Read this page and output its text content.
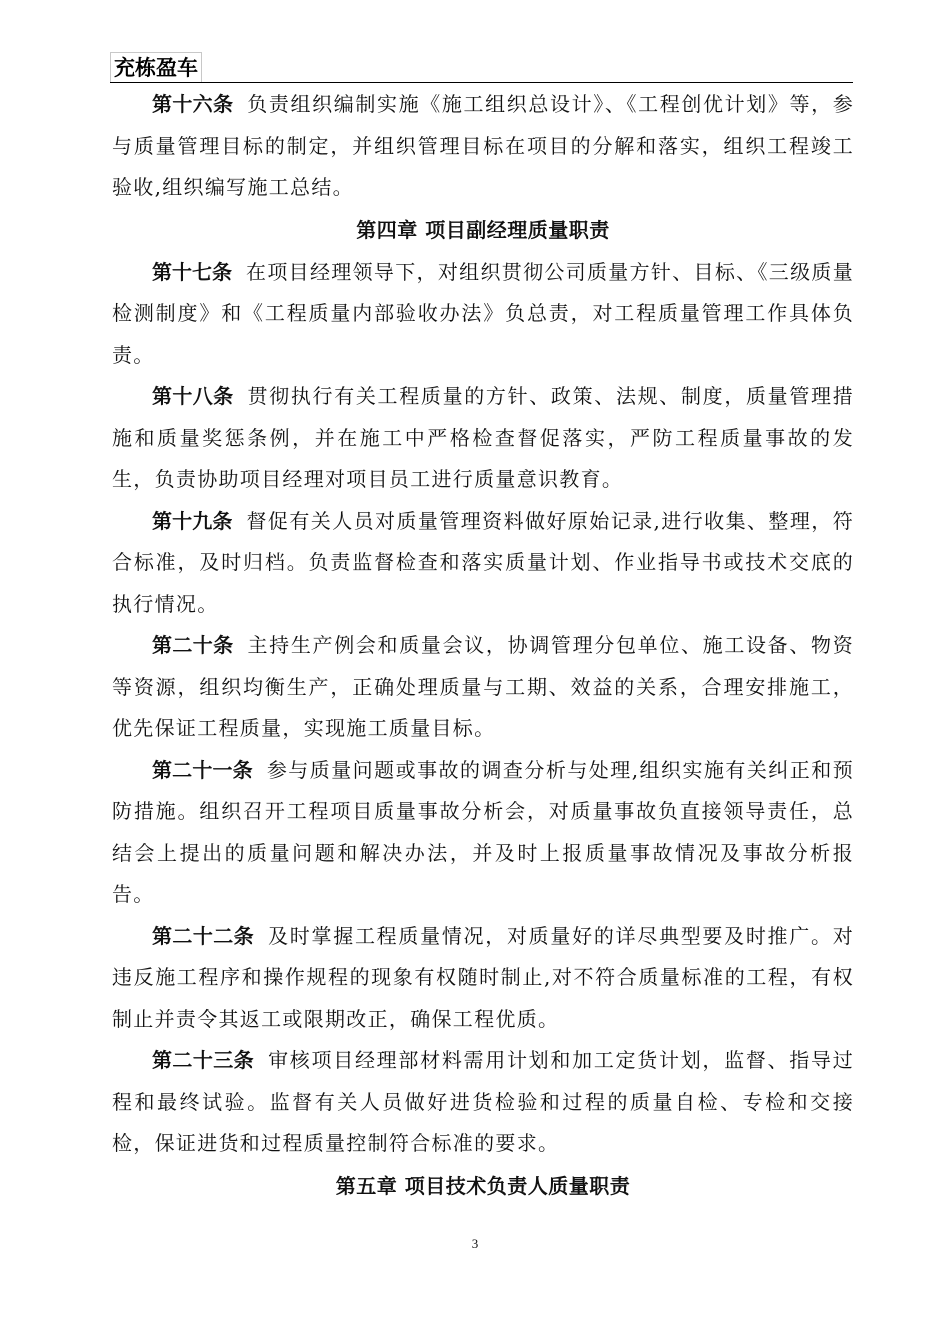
充栋盈车

第十六条 负责组织编制实施《施工组织总设计》、《工程创优计划》等，参与质量管理目标的制定，并组织管理目标在项目的分解和落实，组织工程竣工验收,组织编写施工总结。

第四章 项目副经理质量职责

第十七条 在项目经理领导下，对组织贯彻公司质量方针、目标、《三级质量检测制度》和《工程质量内部验收办法》负总责，对工程质量管理工作具体负责。

第十八条 贯彻执行有关工程质量的方针、政策、法规、制度，质量管理措施和质量奖惩条例，并在施工中严格检查督促落实，严防工程质量事故的发生，负责协助项目经理对项目员工进行质量意识教育。

第十九条 督促有关人员对质量管理资料做好原始记录,进行收集、整理，符合标准，及时归档。负责监督检查和落实质量计划、作业指导书或技术交底的执行情况。

第二十条 主持生产例会和质量会议，协调管理分包单位、施工设备、物资等资源，组织均衡生产，正确处理质量与工期、效益的关系，合理安排施工，优先保证工程质量，实现施工质量目标。

第二十一条 参与质量问题或事故的调查分析与处理,组织实施有关纠正和预防措施。组织召开工程项目质量事故分析会，对质量事故负直接领导责任，总结会上提出的质量问题和解决办法，并及时上报质量事故情况及事故分析报告。

第二十二条 及时掌握工程质量情况，对质量好的详尽典型要及时推广。对违反施工程序和操作规程的现象有权随时制止,对不符合质量标准的工程，有权制止并责令其返工或限期改正，确保工程优质。

第二十三条 审核项目经理部材料需用计划和加工定货计划，监督、指导过程和最终试验。监督有关人员做好进货检验和过程的质量自检、专检和交接检，保证进货和过程质量控制符合标准的要求。

第五章 项目技术负责人质量职责

3
